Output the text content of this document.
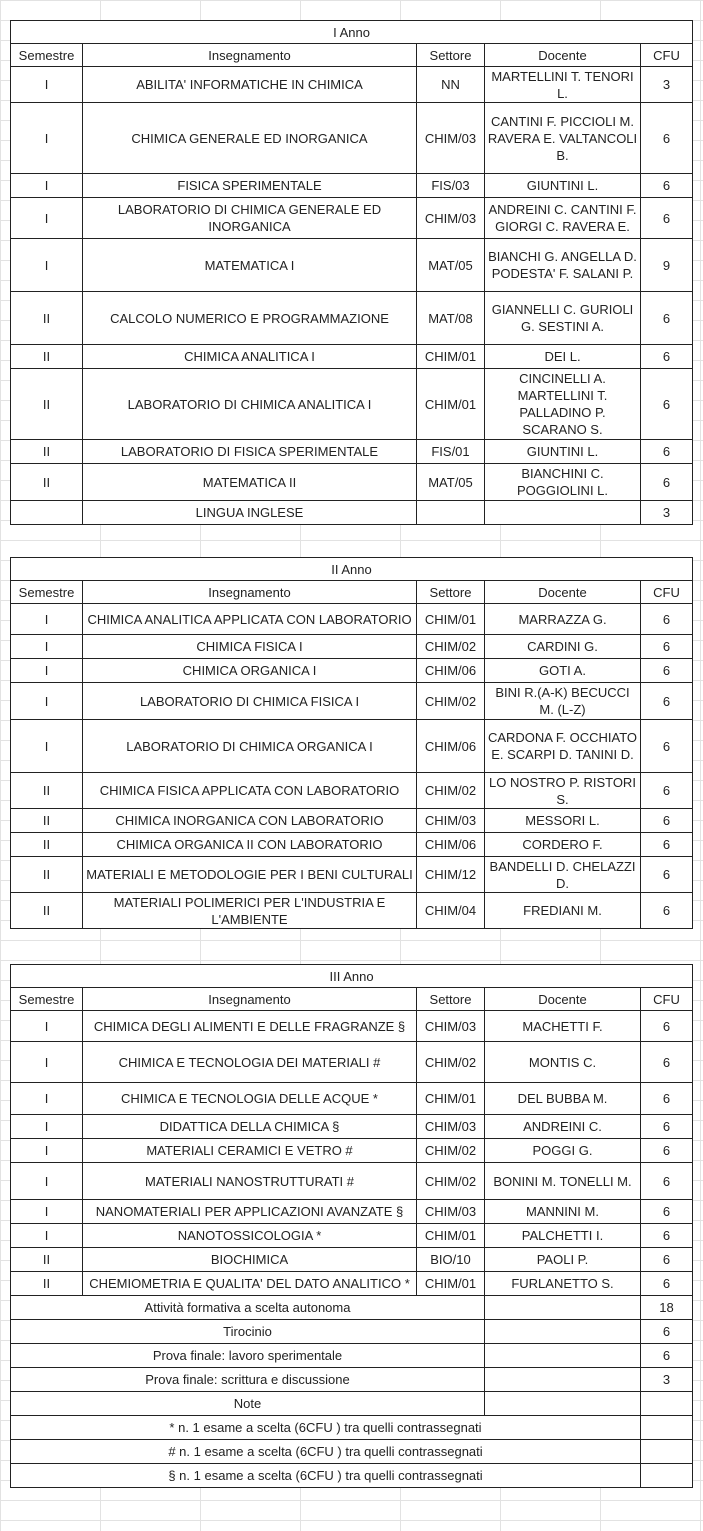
I Anno				
Semestre	Insegnamento	Settore	Docente	CFU
I	ABILITA' INFORMATICHE IN CHIMICA	NN	MARTELLINI T. TENORI L.	3
I	CHIMICA GENERALE ED INORGANICA	CHIM/03	CANTINI F. PICCIOLI M. RAVERA E. VALTANCOLI B.	6
I	FISICA SPERIMENTALE	FIS/03	GIUNTINI L.	6
I	LABORATORIO DI CHIMICA GENERALE ED INORGANICA	CHIM/03	ANDREINI C. CANTINI F. GIORGI C. RAVERA E.	6
I	MATEMATICA I	MAT/05	BIANCHI G. ANGELLA D. PODESTA' F. SALANI P.	9
II	CALCOLO NUMERICO E PROGRAMMAZIONE	MAT/08	GIANNELLI C. GURIOLI G. SESTINI A.	6
II	CHIMICA ANALITICA I	CHIM/01	DEI L.	6
II	LABORATORIO DI CHIMICA ANALITICA I	CHIM/01	CINCINELLI A. MARTELLINI T. PALLADINO P. SCARANO S.	6
II	LABORATORIO DI FISICA SPERIMENTALE	FIS/01	GIUNTINI L.	6
II	MATEMATICA II	MAT/05	BIANCHINI C. POGGIOLINI L.	6
	LINGUA INGLESE			3
II Anno				
Semestre	Insegnamento	Settore	Docente	CFU
I	CHIMICA ANALITICA APPLICATA CON LABORATORIO	CHIM/01	MARRAZZA G.	6
I	CHIMICA FISICA I	CHIM/02	CARDINI G.	6
I	CHIMICA ORGANICA I	CHIM/06	GOTI A.	6
I	LABORATORIO DI CHIMICA FISICA I	CHIM/02	BINI R.(A-K) BECUCCI M. (L-Z)	6
I	LABORATORIO DI CHIMICA ORGANICA I	CHIM/06	CARDONA F. OCCHIATO E. SCARPI D. TANINI D.	6
II	CHIMICA FISICA APPLICATA CON LABORATORIO	CHIM/02	LO NOSTRO P. RISTORI S.	6
II	CHIMICA INORGANICA CON LABORATORIO	CHIM/03	MESSORI L.	6
II	CHIMICA ORGANICA II CON LABORATORIO	CHIM/06	CORDERO F.	6
II	MATERIALI E METODOLOGIE PER I BENI CULTURALI	CHIM/12	BANDELLI D. CHELAZZI D.	6
II	MATERIALI POLIMERICI PER L'INDUSTRIA E L'AMBIENTE	CHIM/04	FREDIANI M.	6
III Anno				
Semestre	Insegnamento	Settore	Docente	CFU
I	CHIMICA DEGLI ALIMENTI E DELLE FRAGRANZE §	CHIM/03	MACHETTI F.	6
I	CHIMICA E TECNOLOGIA DEI MATERIALI #	CHIM/02	MONTIS C.	6
I	CHIMICA E TECNOLOGIA DELLE ACQUE *	CHIM/01	DEL BUBBA M.	6
I	DIDATTICA DELLA CHIMICA §	CHIM/03	ANDREINI C.	6
I	MATERIALI CERAMICI E VETRO #	CHIM/02	POGGI G.	6
I	MATERIALI NANOSTRUTTURATI #	CHIM/02	BONINI M. TONELLI M.	6
I	NANOMATERIALI PER APPLICAZIONI AVANZATE §	CHIM/03	MANNINI M.	6
I	NANOTOSSICOLOGIA *	CHIM/01	PALCHETTI I.	6
II	BIOCHIMICA	BIO/10	PAOLI P.	6
II	CHEMIOMETRIA E QUALITA' DEL DATO ANALITICO *	CHIM/01	FURLANETTO S.	6
Attività formativa a scelta autonoma				18
Tirocinio				6
Prova finale: lavoro sperimentale				6
Prova finale: scrittura e discussione				3
Note				
* n. 1 esame a scelta (6CFU ) tra quelli contrassegnati				
# n. 1 esame a scelta (6CFU ) tra quelli contrassegnati				
§ n. 1 esame a scelta (6CFU ) tra quelli contrassegnati				
